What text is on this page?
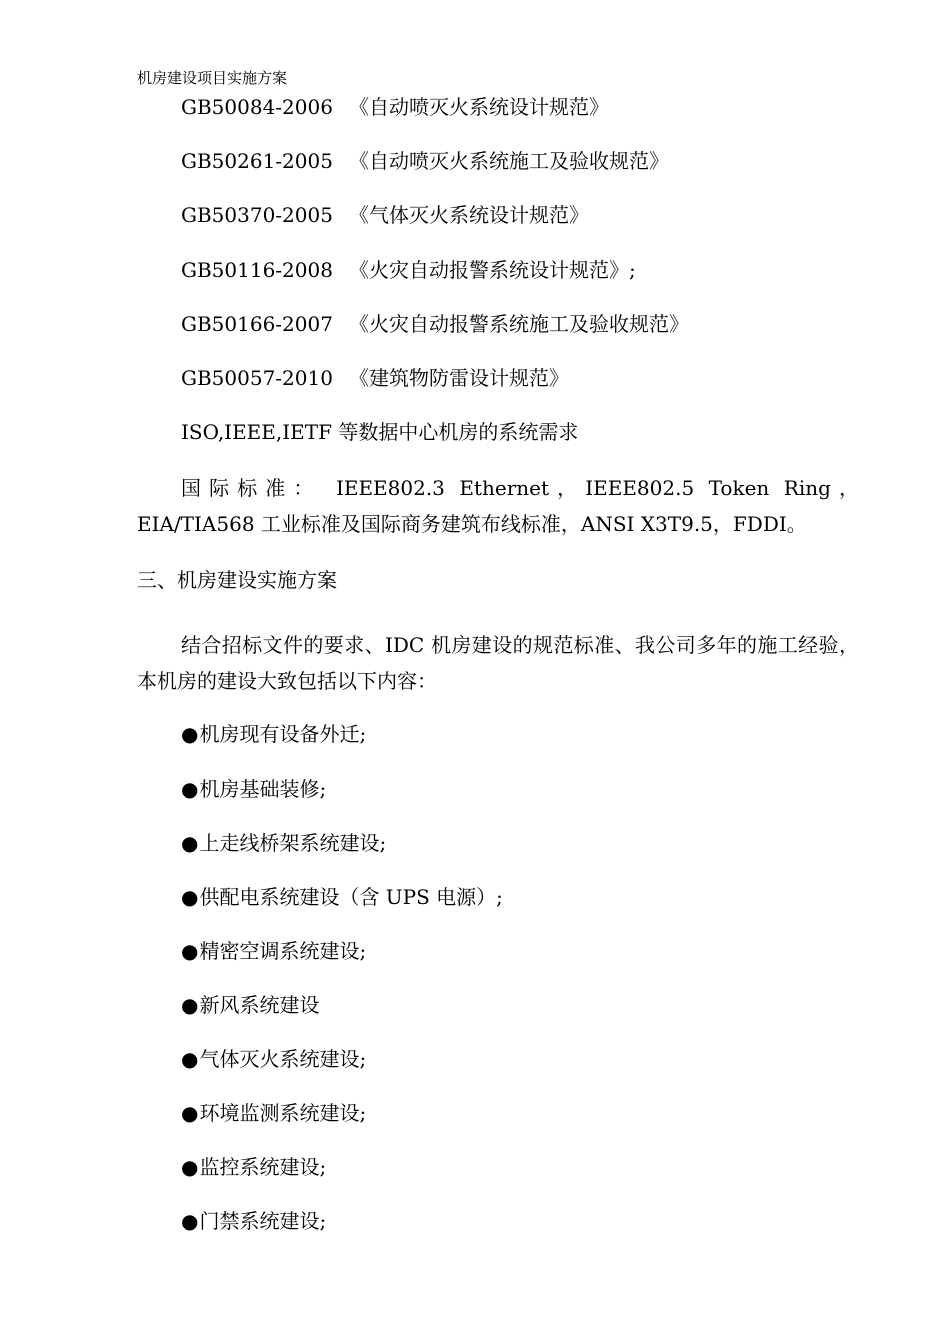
机房建设项目实施方案
GB50084-2006 《自动喷灭火系统设计规范》
GB50261-2005 《自动喷灭火系统施工及验收规范》
GB50370-2005 《气体灭火系统设计规范》
GB50116-2008 《火灾自动报警系统设计规范》;
GB50166-2007 《火灾自动报警系统施工及验收规范》
GB50057-2010 《建筑物防雷设计规范》
ISO,IEEE,IETF 等数据中心机房的系统需求

国际标准： IEEE802.3 Ethernet，IEEE802.5 Token Ring，EIA/TIA568 工业标准及国际商务建筑布线标准，ANSI X3T9.5，FDDI。

三、机房建设实施方案

结合招标文件的要求、IDC 机房建设的规范标准、我公司多年的施工经验，本机房的建设大致包括以下内容：

●机房现有设备外迁;
●机房基础装修;
●上走线桥架系统建设;
●供配电系统建设（含 UPS 电源）;
●精密空调系统建设;
●新风系统建设
●气体灭火系统建设;
●环境监测系统建设;
●监控系统建设;
●门禁系统建设;
